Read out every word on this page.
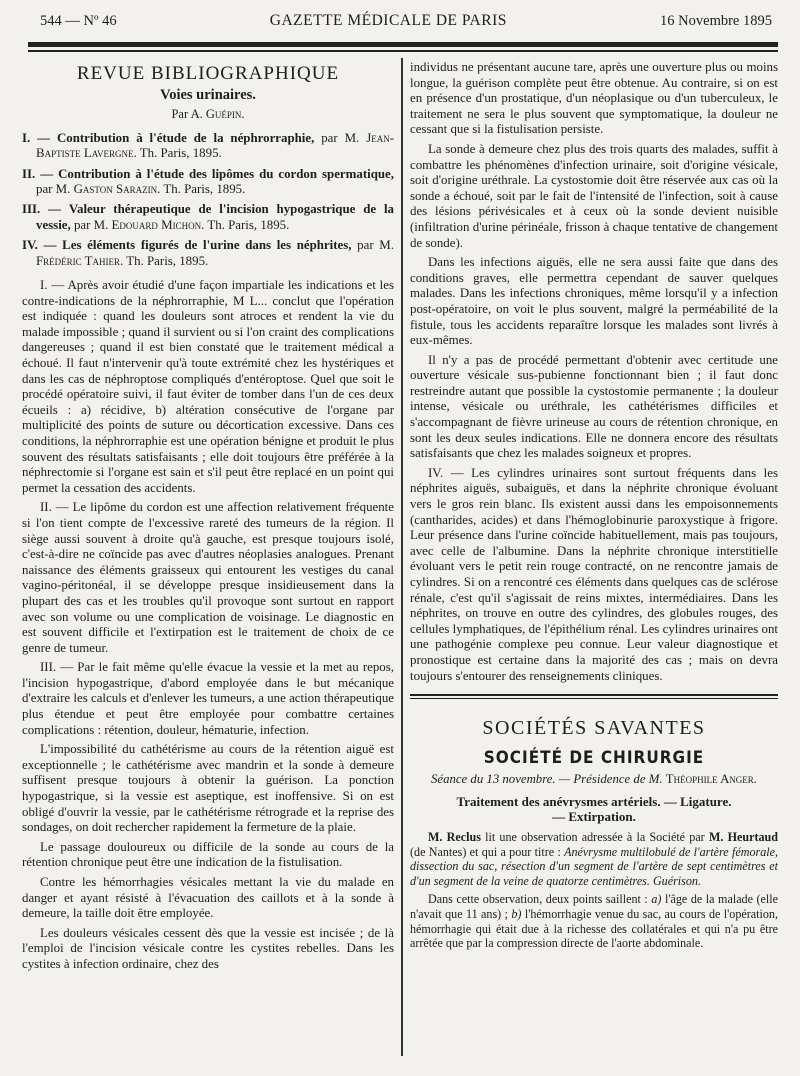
544 — Nº 46	GAZETTE MÉDICALE DE PARIS	16 Novembre 1895
REVUE BIBLIOGRAPHIQUE
Voies urinaires.
Par A. Guépin.
I. — Contribution à l'étude de la néphrorraphie, par M. Jean-Baptiste Lavergne. Th. Paris, 1895.
II. — Contribution à l'étude des lipômes du cordon spermatique, par M. Gaston Sarazin. Th. Paris, 1895.
III. — Valeur thérapeutique de l'incision hypogastrique de la vessie, par M. Edouard Michon. Th. Paris, 1895.
IV. — Les éléments figurés de l'urine dans les néphrites, par M. Frédéric Tahier. Th. Paris, 1895.

I. — Après avoir étudié d'une façon impartiale les indications et les contre-indications de la néphrorraphie, M L... conclut que l'opération est indiquée : quand les douleurs sont atroces et rendent la vie du malade impossible ; quand il survient ou si l'on craint des complications dangereuses ; quand il est bien constaté que le traitement médical a échoué. Il faut n'intervenir qu'à toute extrémité chez les hystériques et dans les cas de néphroptose compliqués d'entéroptose. Quel que soit le procédé opératoire suivi, il faut éviter de tomber dans l'un de ces deux écueils : a) récidive, b) altération consécutive de l'organe par multiplicité des points de suture ou décortication excessive. Dans ces conditions, la néphrorraphie est une opération bénigne et produit le plus souvent des résultats satisfaisants ; elle doit toujours être préférée à la néphrectomie si l'organe est sain et s'il peut être replacé en un point qui permet la cessation des accidents.

II. — Le lipôme du cordon est une affection relativement fréquente si l'on tient compte de l'excessive rareté des tumeurs de la région. Il siège aussi souvent à droite qu'à gauche, est presque toujours isolé, c'est-à-dire ne coïncide pas avec d'autres néoplasies analogues. Prenant naissance des éléments graisseux qui entourent les vestiges du canal vagino-péritonéal, il se développe presque insidieusement dans la plupart des cas et les troubles qu'il provoque sont surtout en rapport avec son volume ou une complication de voisinage. Le diagnostic en est souvent difficile et l'extirpation est le traitement de choix de ce genre de tumeur.

III. — Par le fait même qu'elle évacue la vessie et la met au repos, l'incision hypogastrique, d'abord employée dans le but mécanique d'extraire les calculs et d'enlever les tumeurs, a une action thérapeutique plus étendue et peut être employée pour combattre certaines complications : rétention, douleur, hématurie, infection.

L'impossibilité du cathétérisme au cours de la rétention aiguë est exceptionnelle ; le cathétérisme avec mandrin et la sonde à demeure suffisent presque toujours à obtenir la guérison. La ponction hypogastrique, si la vessie est aseptique, est inoffensive. Si on est obligé d'ouvrir la vessie, par le cathétérisme rétrograde et la reprise des sondages, on doit rechercher rapidement la fermeture de la plaie.

Le passage douloureux ou difficile de la sonde au cours de la rétention chronique peut être une indication de la fistulisation.

Contre les hémorrhagies vésicales mettant la vie du malade en danger et ayant résisté à l'évacuation des caillots et à la sonde à demeure, la taille doit être employée.

Les douleurs vésicales cessent dès que la vessie est incisée ; de là l'emploi de l'incision vésicale contre les cystites rebelles. Dans les cystites à infection ordinaire, chez des

individus ne présentant aucune tare, après une ouverture plus ou moins longue, la guérison complète peut être obtenue. Au contraire, si on est en présence d'un prostatique, d'un néoplasique ou d'un tuberculeux, le traitement ne sera le plus souvent que symptomatique, la douleur ne cessant que si la fistulisation persiste.

La sonde à demeure chez plus des trois quarts des malades, suffit à combattre les phénomènes d'infection urinaire, soit d'origine vésicale, soit d'origine uréthrale. La cystostomie doit être réservée aux cas où la sonde a échoué, soit par le fait de l'intensité de l'infection, soit à cause des lésions périvésicales et à ceux où la sonde devient nuisible (infiltration d'urine périnéale, frisson à chaque tentative de changement de sonde).

Dans les infections aiguës, elle ne sera aussi faite que dans des conditions graves, elle permettra cependant de sauver quelques malades. Dans les infections chroniques, même lorsqu'il y a infection post-opératoire, on voit le plus souvent, malgré la perméabilité de la fistule, tous les accidents reparaître lorsque les malades sont livrés à eux-mêmes.

Il n'y a pas de procédé permettant d'obtenir avec certitude une ouverture vésicale sus-pubienne fonctionnant bien ; il faut donc restreindre autant que possible la cystostomie permanente ; la douleur intense, vésicale ou uréthrale, les cathétérismes difficiles et s'accompagnant de fièvre urineuse au cours de rétention chronique, en sont les deux seules indications. Elle ne donnera encore des résultats satisfaisants que chez les malades soigneux et propres.

IV. — Les cylindres urinaires sont surtout fréquents dans les néphrites aiguës, subaiguës, et dans la néphrite chronique évoluant vers le gros rein blanc. Ils existent aussi dans les empoisonnements (cantharides, acides) et dans l'hémoglobinurie paroxystique à frigore. Leur présence dans l'urine coïncide habituellement, mais pas toujours, avec celle de l'albumine. Dans la néphrite chronique interstitielle évoluant vers le petit rein rouge contracté, on ne rencontre jamais de cylindres. Si on a rencontré ces éléments dans quelques cas de sclérose rénale, c'est qu'il s'agissait de reins mixtes, intermédiaires. Dans les néphrites, on trouve en outre des cylindres, des globules rouges, des cellules lymphatiques, de l'épithélium rénal. Les cylindres urinaires ont une pathogénie complexe peu connue. Leur valeur diagnostique et pronostique est certaine dans la majorité des cas ; mais on devra toujours s'entourer des renseignements cliniques.

SOCIÉTÉS SAVANTES
SOCIÉTÉ DE CHIRURGIE
Séance du 13 novembre. — Présidence de M. Théophile Anger.
Traitement des anévrysmes artériels. — Ligature.
— Extirpation.

M. Reclus lit une observation adressée à la Société par M. Heurtaud (de Nantes) et qui a pour titre : Anévrysme multilobulé de l'artère fémorale, dissection du sac, résection d'un segment de l'artère de sept centimètres et d'un segment de la veine de quatorze centimètres. Guérison.

Dans cette observation, deux points saillent : a) l'âge de la malade (elle n'avait que 11 ans) ; b) l'hémorrhagie venue du sac, au cours de l'opération, hémorrhagie qui était due à la richesse des collatérales et qui n'a pu être arrêtée que par la compression directe de l'aorte abdominale.
